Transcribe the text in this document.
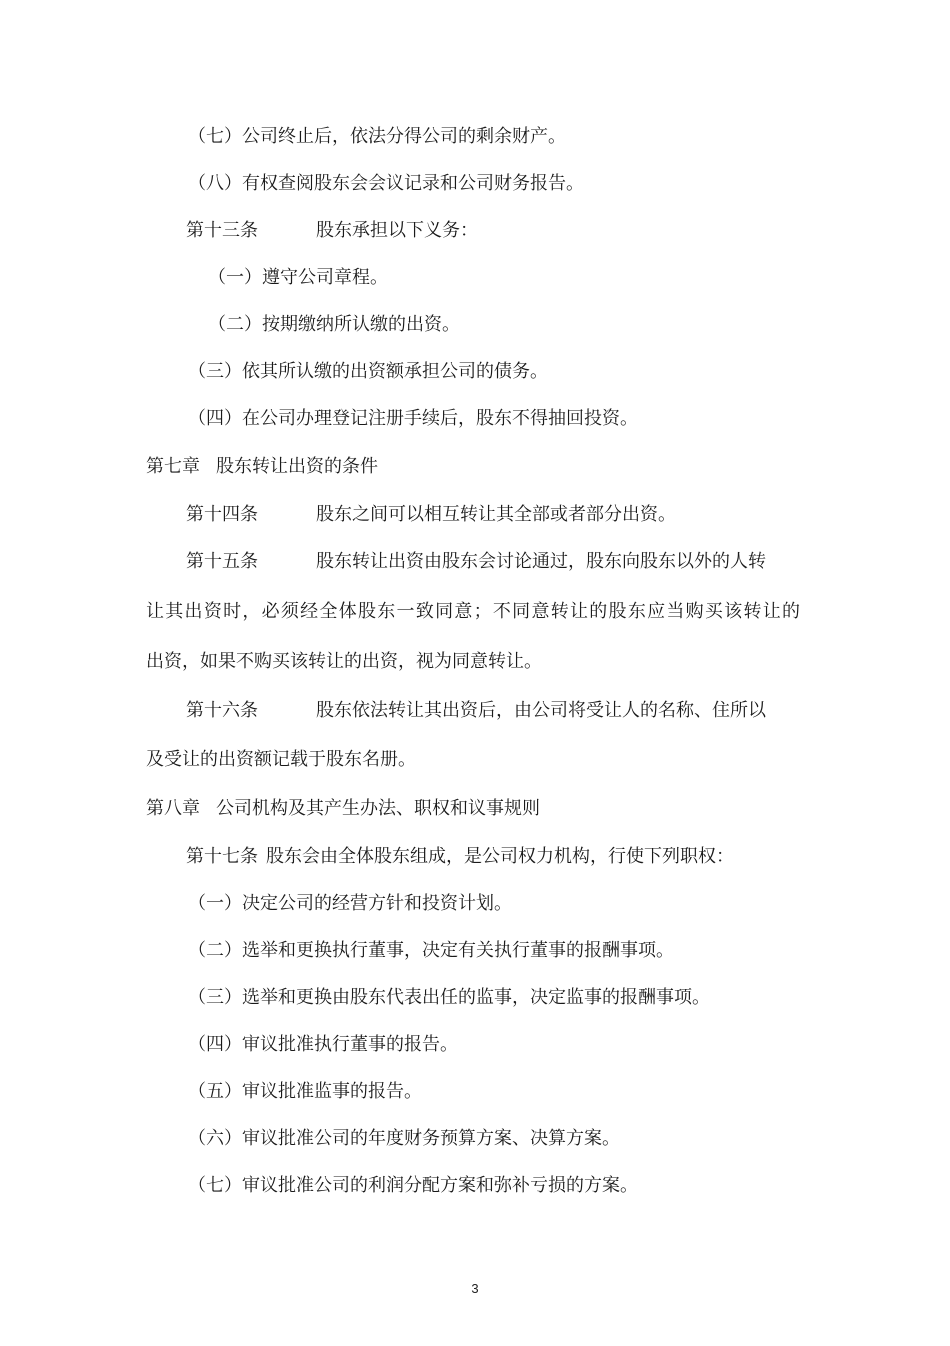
（七）公司终止后，依法分得公司的剩余财产。
（八）有权查阅股东会会议记录和公司财务报告。
第十三条	股东承担以下义务：
（一）遵守公司章程。
（二）按期缴纳所认缴的出资。
（三）依其所认缴的出资额承担公司的债务。
（四）在公司办理登记注册手续后，股东不得抽回投资。
第七章 股东转让出资的条件
第十四条	股东之间可以相互转让其全部或者部分出资。
第十五条	股东转让出资由股东会讨论通过，股东向股东以外的人转
让其出资时，必须经全体股东一致同意；不同意转让的股东应当购买该转让的
出资，如果不购买该转让的出资，视为同意转让。
第十六条	股东依法转让其出资后，由公司将受让人的名称、住所以
及受让的出资额记载于股东名册。
第八章 公司机构及其产生办法、职权和议事规则
第十七条 股东会由全体股东组成，是公司权力机构，行使下列职权：
（一）决定公司的经营方针和投资计划。
（二）选举和更换执行董事，决定有关执行董事的报酬事项。
（三）选举和更换由股东代表出任的监事，决定监事的报酬事项。
（四）审议批准执行董事的报告。
（五）审议批准监事的报告。
（六）审议批准公司的年度财务预算方案、决算方案。
（七）审议批准公司的利润分配方案和弥补亏损的方案。
3
